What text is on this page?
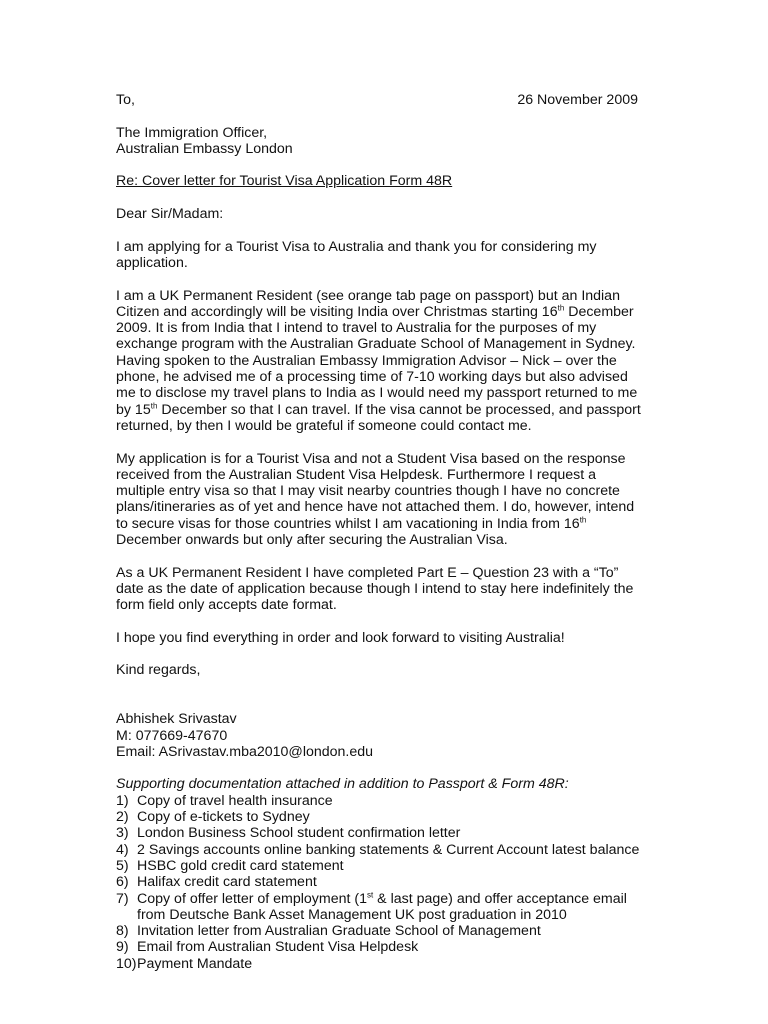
To,	26 November 2009

The Immigration Officer,

Australian Embassy London

Re: Cover letter for Tourist Visa Application Form 48R

Dear Sir/Madam:

I am applying for a Tourist Visa to Australia and thank you for considering my application.

I am a UK Permanent Resident (see orange tab page on passport) but an Indian Citizen and accordingly will be visiting India over Christmas starting 16th December 2009. It is from India that I intend to travel to Australia for the purposes of my exchange program with the Australian Graduate School of Management in Sydney. Having spoken to the Australian Embassy Immigration Advisor – Nick – over the phone, he advised me of a processing time of 7-10 working days but also advised me to disclose my travel plans to India as I would need my passport returned to me by 15th December so that I can travel. If the visa cannot be processed, and passport returned, by then I would be grateful if someone could contact me.

My application is for a Tourist Visa and not a Student Visa based on the response received from the Australian Student Visa Helpdesk. Furthermore I request a multiple entry visa so that I may visit nearby countries though I have no concrete plans/itineraries as of yet and hence have not attached them. I do, however, intend to secure visas for those countries whilst I am vacationing in India from 16th December onwards but only after securing the Australian Visa.

As a UK Permanent Resident I have completed Part E – Question 23 with a “To” date as the date of application because though I intend to stay here indefinitely the form field only accepts date format.

I hope you find everything in order and look forward to visiting Australia!

Kind regards,

Abhishek Srivastav

M: 077669-47670

Email: ASrivastav.mba2010@london.edu

Supporting documentation attached in addition to Passport & Form 48R:

1) Copy of travel health insurance
2) Copy of e-tickets to Sydney
3) London Business School student confirmation letter
4) 2 Savings accounts online banking statements & Current Account latest balance
5) HSBC gold credit card statement
6) Halifax credit card statement
7) Copy of offer letter of employment (1st & last page) and offer acceptance email from Deutsche Bank Asset Management UK post graduation in 2010
8) Invitation letter from Australian Graduate School of Management
9) Email from Australian Student Visa Helpdesk
10) Payment Mandate
